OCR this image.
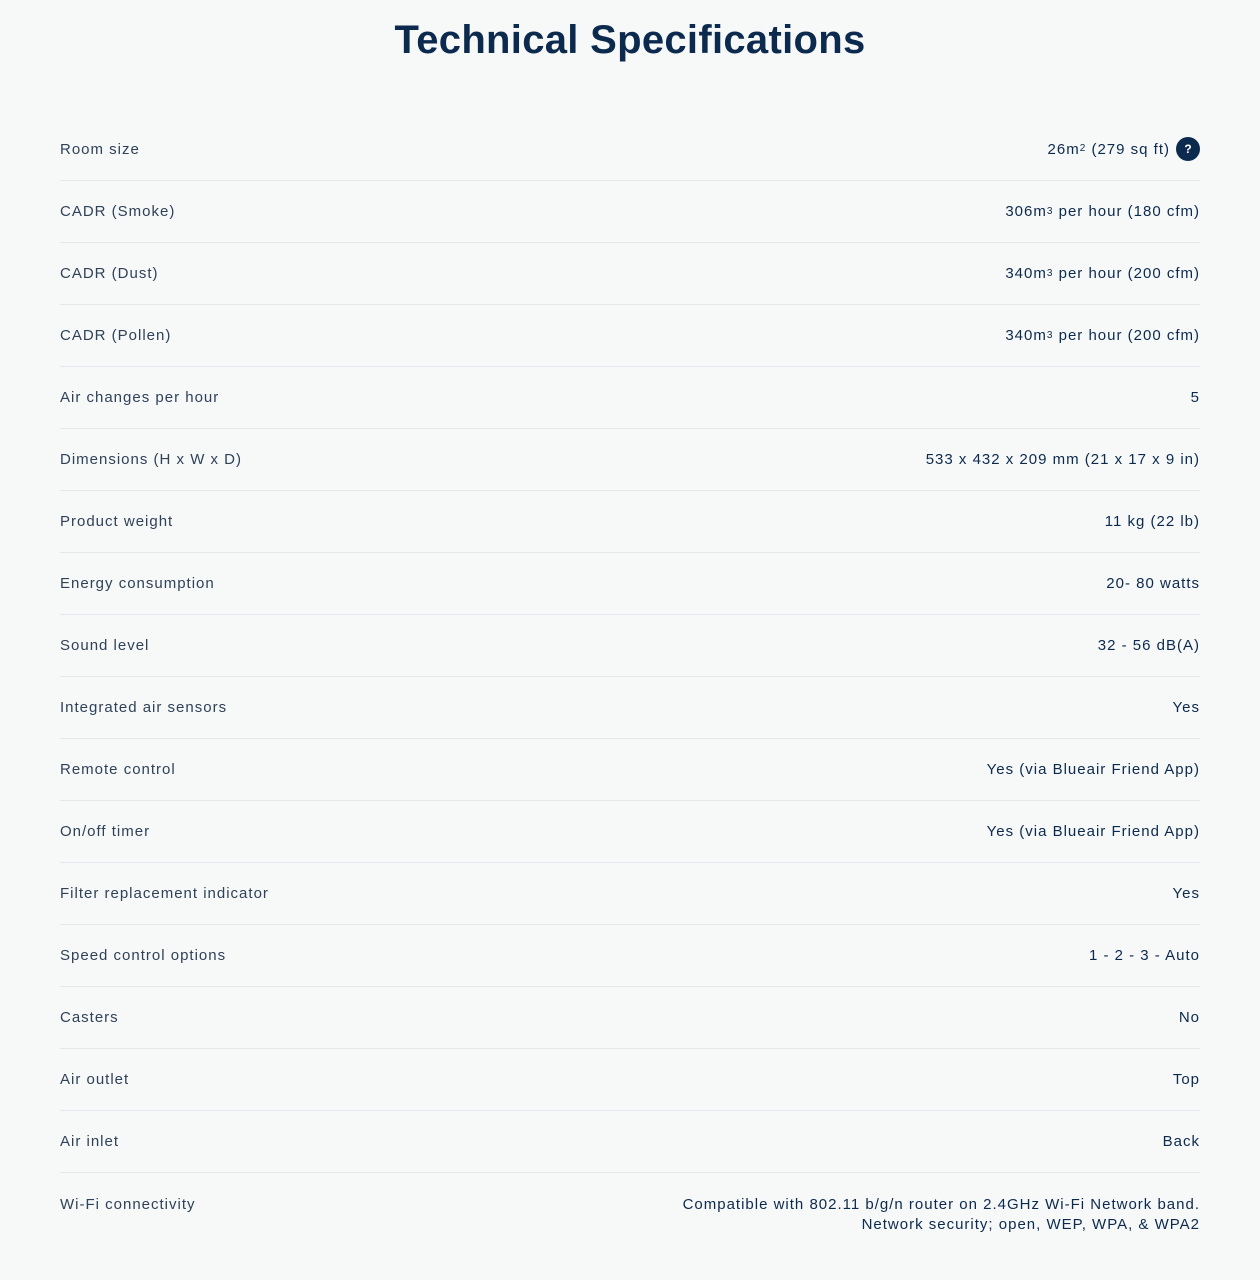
Technical Specifications
Room size	26m 2 (279 sq ft)	?
CADR (Smoke)	306m 3 per hour (180 cfm)
CADR (Dust)	340m 3 per hour (200 cfm)
CADR (Pollen)	340m 3 per hour (200 cfm)
Air changes per hour	5
Dimensions (H x W x D)	533 x 432 x 209 mm (21 x 17 x 9 in)
Product weight	11 kg (22 lb)
Energy consumption	20- 80 watts
Sound level	32 - 56 dB(A)
Integrated air sensors	Yes
Remote control	Yes (via Blueair Friend App)
On/off timer	Yes (via Blueair Friend App)
Filter replacement indicator	Yes
Speed control options	1 - 2 - 3 - Auto
Casters	No
Air outlet	Top
Air inlet	Back
Wi-Fi connectivity	Compatible with 802.11 b/g/n router on 2.4GHz Wi-Fi Network band.
Network security; open, WEP, WPA, & WPA2
